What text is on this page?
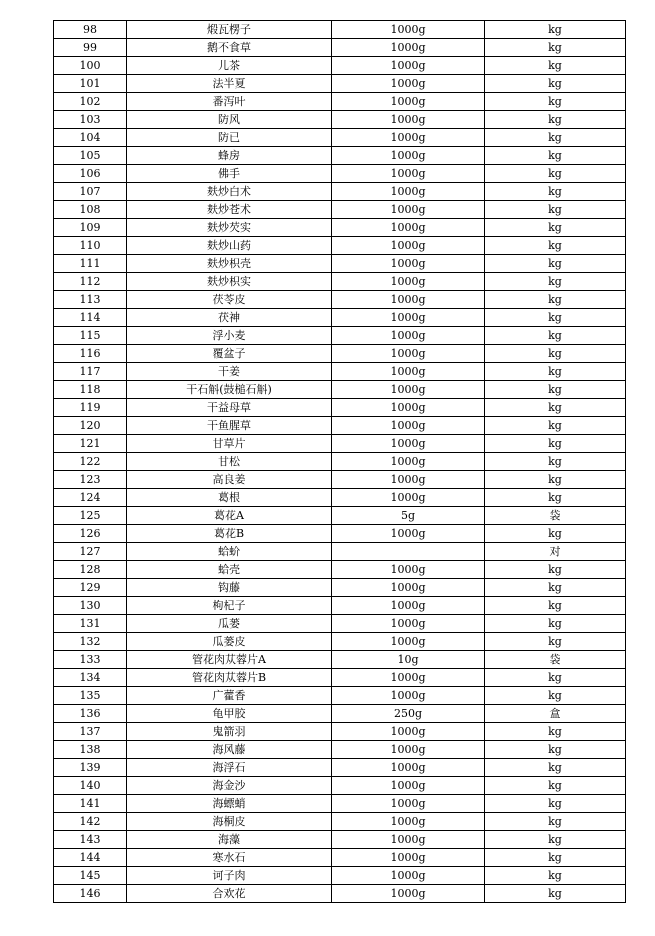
98	煅瓦楞子	1000g	kg
99	鹅不食草	1000g	kg
100	儿茶	1000g	kg
101	法半夏	1000g	kg
102	番泻叶	1000g	kg
103	防风	1000g	kg
104	防已	1000g	kg
105	蜂房	1000g	kg
106	佛手	1000g	kg
107	麸炒白术	1000g	kg
108	麸炒苍术	1000g	kg
109	麸炒芡实	1000g	kg
110	麸炒山药	1000g	kg
111	麸炒枳壳	1000g	kg
112	麸炒枳实	1000g	kg
113	茯苓皮	1000g	kg
114	茯神	1000g	kg
115	浮小麦	1000g	kg
116	覆盆子	1000g	kg
117	干姜	1000g	kg
118	干石斛(鼓槌石斛)	1000g	kg
119	干益母草	1000g	kg
120	干鱼腥草	1000g	kg
121	甘草片	1000g	kg
122	甘松	1000g	kg
123	高良姜	1000g	kg
124	葛根	1000g	kg
125	葛花A	5g	袋
126	葛花B	1000g	kg
127	蛤蚧		对
128	蛤壳	1000g	kg
129	钩藤	1000g	kg
130	枸杞子	1000g	kg
131	瓜蒌	1000g	kg
132	瓜蒌皮	1000g	kg
133	管花肉苁蓉片A	10g	袋
134	管花肉苁蓉片B	1000g	kg
135	广藿香	1000g	kg
136	龟甲胶	250g	盒
137	鬼箭羽	1000g	kg
138	海风藤	1000g	kg
139	海浮石	1000g	kg
140	海金沙	1000g	kg
141	海螵蛸	1000g	kg
142	海桐皮	1000g	kg
143	海藻	1000g	kg
144	寒水石	1000g	kg
145	诃子肉	1000g	kg
146	合欢花	1000g	kg
